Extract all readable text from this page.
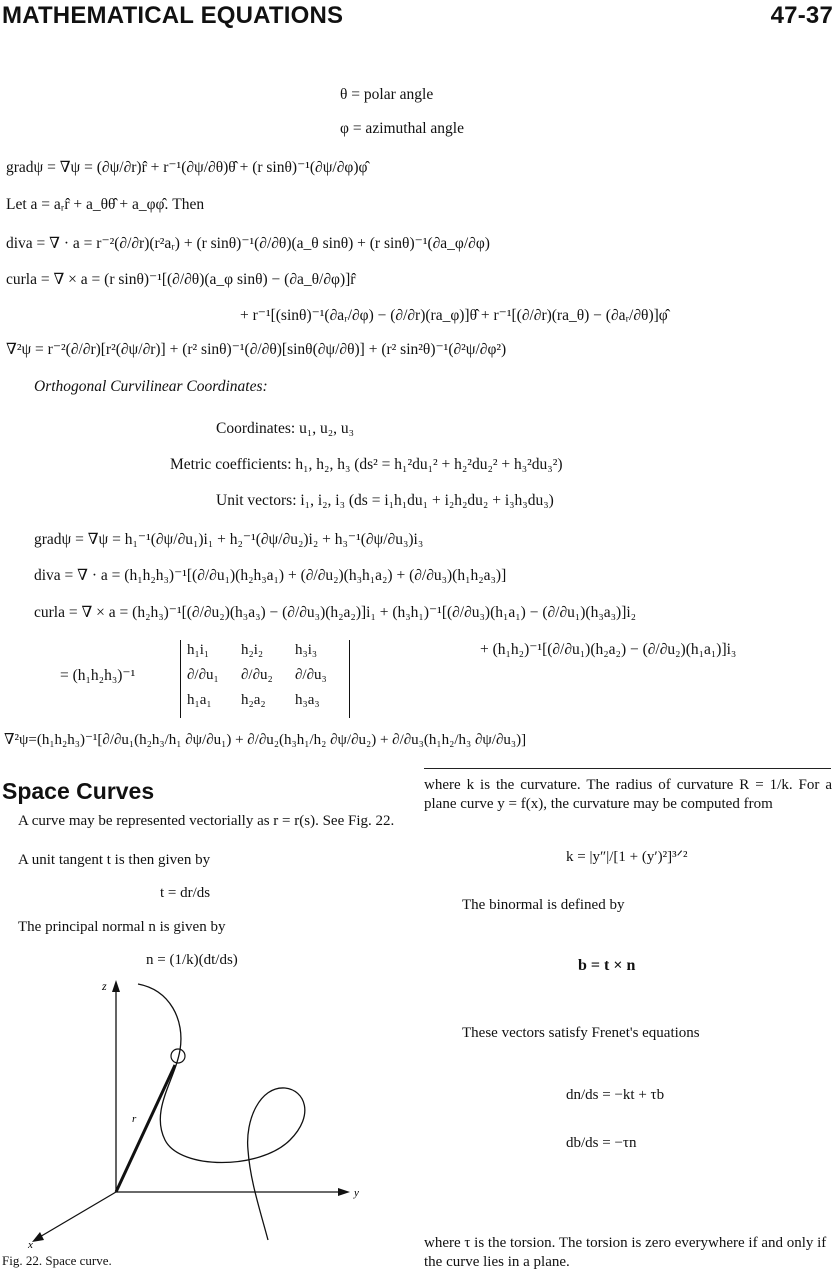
MATHEMATICAL EQUATIONS	47-37
θ = polar angle
φ = azimuthal angle
gradψ = ∇ψ = (∂ψ/∂r)r̂ + r⁻¹(∂ψ/∂θ)θ̂ + (r sinθ)⁻¹(∂ψ/∂φ)φ̂
Let a = aᵣr̂ + a_θθ̂ + a_φφ̂. Then
diva = ∇ · a = r⁻²(∂/∂r)(r²aᵣ) + (r sinθ)⁻¹(∂/∂θ)(a_θ sinθ) + (r sinθ)⁻¹(∂a_φ/∂φ)
curla = ∇ × a = (r sinθ)⁻¹[(∂/∂θ)(a_φ sinθ) − (∂a_θ/∂φ)]r̂
+ r⁻¹[(sinθ)⁻¹(∂aᵣ/∂φ) − (∂/∂r)(ra_φ)]θ̂ + r⁻¹[(∂/∂r)(ra_θ) − (∂aᵣ/∂θ)]φ̂
∇²ψ = r⁻²(∂/∂r)[r²(∂ψ/∂r)] + (r² sinθ)⁻¹(∂/∂θ)[sinθ(∂ψ/∂θ)] + (r² sin²θ)⁻¹(∂²ψ/∂φ²)
Orthogonal Curvilinear Coordinates:
Coordinates: u₁, u₂, u₃
Metric coefficients: h₁, h₂, h₃ (ds² = h₁²du₁² + h₂²du₂² + h₃²du₃²)
Unit vectors: i₁, i₂, i₃ (ds = i₁h₁du₁ + i₂h₂du₂ + i₃h₃du₃)
gradψ = ∇ψ = h₁⁻¹(∂ψ/∂u₁)i₁ + h₂⁻¹(∂ψ/∂u₂)i₂ + h₃⁻¹(∂ψ/∂u₃)i₃
diva = ∇ · a = (h₁h₂h₃)⁻¹[(∂/∂u₁)(h₂h₃a₁) + (∂/∂u₂)(h₃h₁a₂) + (∂/∂u₃)(h₁h₂a₃)]
curla = ∇ × a = (h₂h₃)⁻¹[(∂/∂u₂)(h₃a₃) − (∂/∂u₃)(h₂a₂)]i₁ + (h₃h₁)⁻¹[(∂/∂u₃)(h₁a₁) − (∂/∂u₁)(h₃a₃)]i₂
+ (h₁h₂)⁻¹[(∂/∂u₁)(h₂a₂) − (∂/∂u₂)(h₁a₁)]i₃
= (h₁h₂h₃)⁻¹
h₁i₁ h₂i₂ h₃i₃
∂/∂u₁ ∂/∂u₂ ∂/∂u₃
h₁a₁ h₂a₂ h₃a₃
∇²ψ=(h₁h₂h₃)⁻¹[∂/∂u₁(h₂h₃/h₁ ∂ψ/∂u₁) + ∂/∂u₂(h₃h₁/h₂ ∂ψ/∂u₂) + ∂/∂u₃(h₁h₂/h₃ ∂ψ/∂u₃)]
Space Curves
A curve may be represented vectorially as r = r(s). See Fig. 22.
A unit tangent t is then given by
t = dr/ds
The principal normal n is given by
n = (1/k)(dt/ds)
z
r
y
x
Fig. 22. Space curve.
where k is the curvature. The radius of curvature R = 1/k. For a plane curve y = f(x), the curvature may be computed from
k = |y″|/[1 + (y′)²]³ᐟ²
The binormal is defined by
b = t × n
These vectors satisfy Frenet's equations
dn/ds = −kt + τb
db/ds = −τn
where τ is the torsion. The torsion is zero everywhere if and only if the curve lies in a plane.
